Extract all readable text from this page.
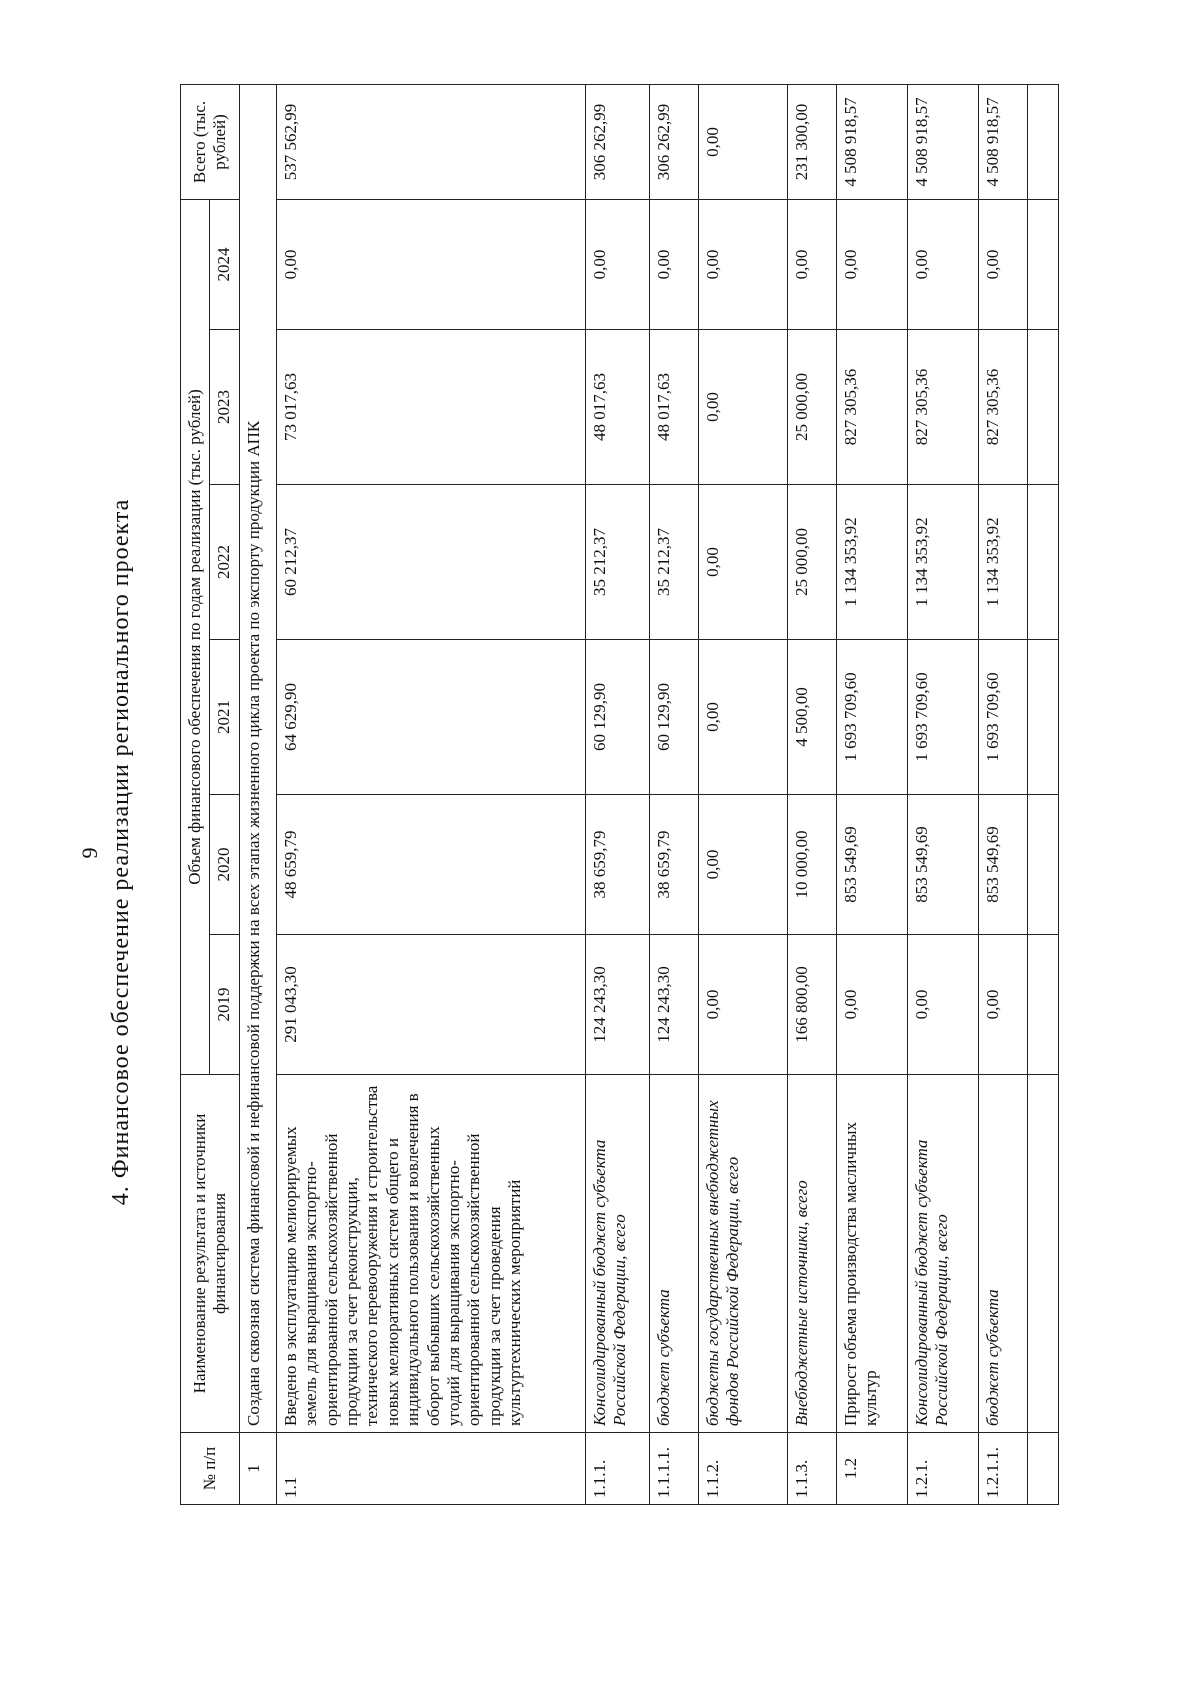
9 4. Финансовое обеспечение реализации регионального проекта
№ п/п	Наименование результата и источники финансирования	Объем финансового обеспечения по годам реализации (тыс. рублей)						Всего (тыс. рублей)
		2019	2020	2021	2022	2023	2024	
1	Создана сквозная система финансовой и нефинансовой поддержки на всех этапах жизненного цикла проекта по экспорту продукции АПК							
1.1	Введено в эксплуатацию мелиорируемых земель для выращивания экспортно-ориентированной сельскохозяйственной продукции за счет реконструкции, технического перевооружения и строительства новых мелиоративных систем общего и индивидуального пользования и вовлечения в оборот выбывших сельскохозяйственных угодий для выращивания экспортно-ориентированной сельскохозяйственной продукции за счет проведения культуртехнических мероприятий	291 043,30	48 659,79	64 629,90	60 212,37	73 017,63	0,00	537 562,99
1.1.1.	Консолидированный бюджет субъекта Российской Федерации, всего	124 243,30	38 659,79	60 129,90	35 212,37	48 017,63	0,00	306 262,99
1.1.1.1.	бюджет субъекта	124 243,30	38 659,79	60 129,90	35 212,37	48 017,63	0,00	306 262,99
1.1.2.	бюджеты государственных внебюджетных фондов Российской Федерации, всего	0,00	0,00	0,00	0,00	0,00	0,00	0,00
1.1.3.	Внебюджетные источники, всего	166 800,00	10 000,00	4 500,00	25 000,00	25 000,00	0,00	231 300,00
1.2	Прирост объема производства масличных культур	0,00	853 549,69	1 693 709,60	1 134 353,92	827 305,36	0,00	4 508 918,57
1.2.1.	Консолидированный бюджет субъекта Российской Федерации, всего	0,00	853 549,69	1 693 709,60	1 134 353,92	827 305,36	0,00	4 508 918,57
1.2.1.1.	бюджет субъекта	0,00	853 549,69	1 693 709,60	1 134 353,92	827 305,36	0,00	4 508 918,57
